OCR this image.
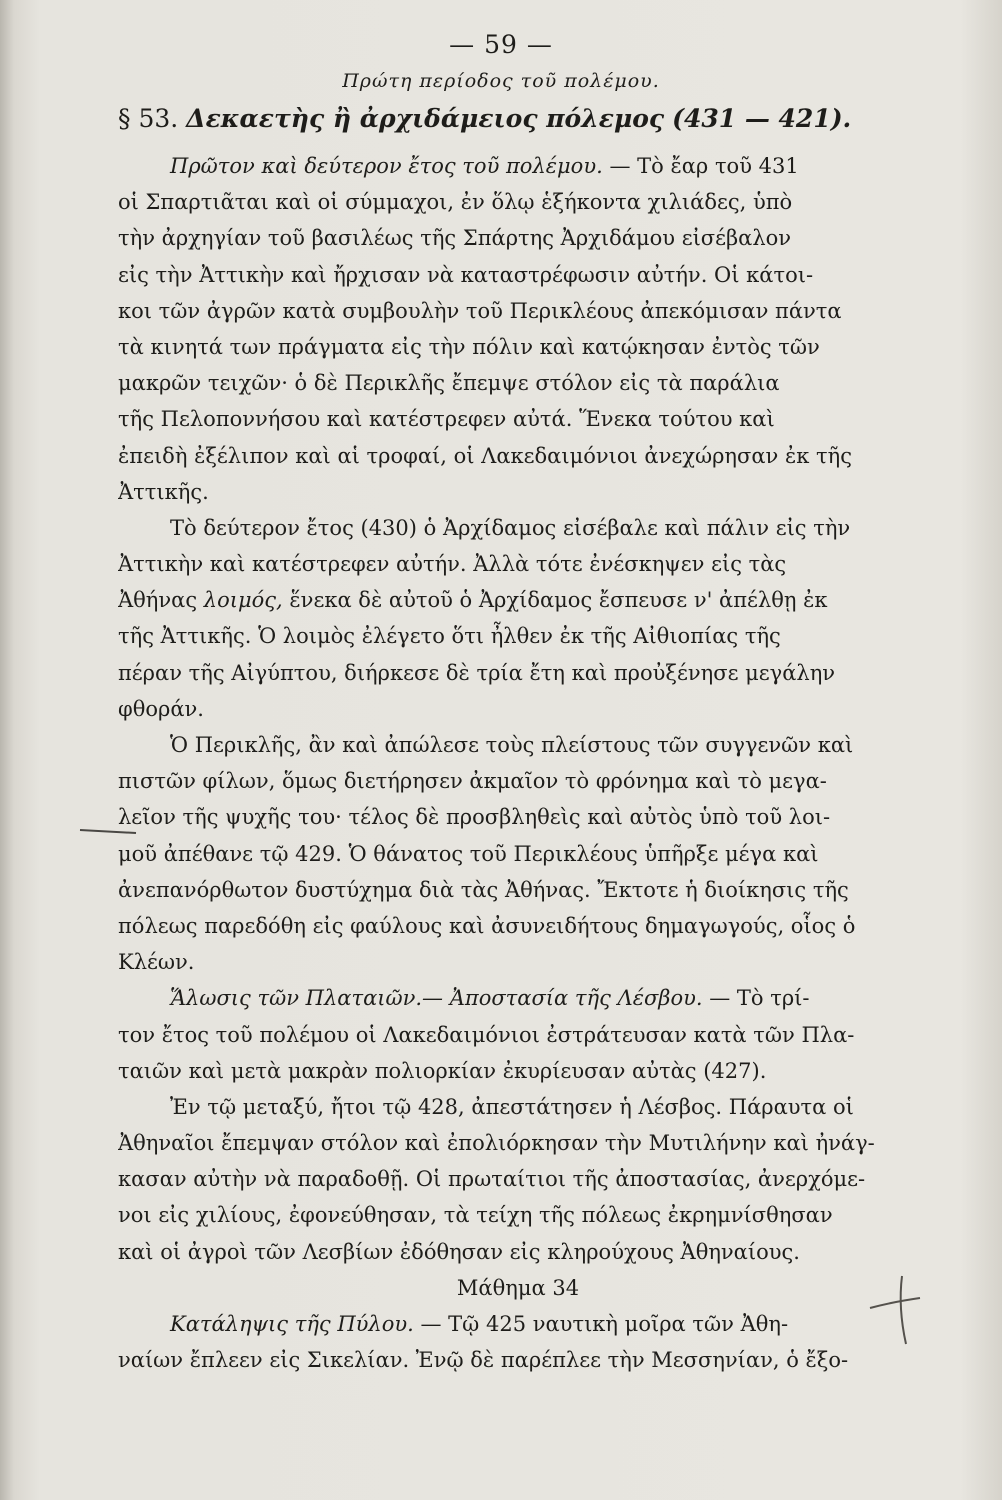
— 59 —
Πρώτη περίοδος τοῦ πολέμου.
§ 53. Δεκαετὴς ἢ ἀρχιδάμειος πόλεμος (431 — 421).
Πρῶτον καὶ δεύτερον ἔτος τοῦ πολέμου. — Τὸ ἔαρ τοῦ 431
οἱ Σπαρτιᾶται καὶ οἱ σύμμαχοι, ἐν ὅλῳ ἑξήκοντα χιλιάδες, ὑπὸ
τὴν ἀρχηγίαν τοῦ βασιλέως τῆς Σπάρτης Ἀρχιδάμου εἰσέβαλον
εἰς τὴν Ἀττικὴν καὶ ἤρχισαν νὰ καταστρέφωσιν αὐτήν. Οἱ κάτοι-
κοι τῶν ἀγρῶν κατὰ συμβουλὴν τοῦ Περικλέους ἀπεκόμισαν πάντα
τὰ κινητά των πράγματα εἰς τὴν πόλιν καὶ κατῴκησαν ἐντὸς τῶν
μακρῶν τειχῶν· ὁ δὲ Περικλῆς ἔπεμψε στόλον εἰς τὰ παράλια
τῆς Πελοποννήσου καὶ κατέστρεφεν αὐτά. Ἕνεκα τούτου καὶ
ἐπειδὴ ἐξέλιπον καὶ αἱ τροφαί, οἱ Λακεδαιμόνιοι ἀνεχώρησαν ἐκ τῆς
Ἀττικῆς.
Τὸ δεύτερον ἔτος (430) ὁ Ἀρχίδαμος εἰσέβαλε καὶ πάλιν εἰς τὴν
Ἀττικὴν καὶ κατέστρεφεν αὐτήν. Ἀλλὰ τότε ἐνέσκηψεν εἰς τὰς
Ἀθήνας λοιμός, ἕνεκα δὲ αὐτοῦ ὁ Ἀρχίδαμος ἔσπευσε ν' ἀπέλθῃ ἐκ
τῆς Ἀττικῆς. Ὁ λοιμὸς ἐλέγετο ὅτι ἦλθεν ἐκ τῆς Αἰθιοπίας τῆς
πέραν τῆς Αἰγύπτου, διήρκεσε δὲ τρία ἔτη καὶ προὐξένησε μεγάλην
φθοράν.
Ὁ Περικλῆς, ἂν καὶ ἀπώλεσε τοὺς πλείστους τῶν συγγενῶν καὶ
πιστῶν φίλων, ὅμως διετήρησεν ἀκμαῖον τὸ φρόνημα καὶ τὸ μεγα-
λεῖον τῆς ψυχῆς του· τέλος δὲ προσβληθεὶς καὶ αὐτὸς ὑπὸ τοῦ λοι-
μοῦ ἀπέθανε τῷ 429. Ὁ θάνατος τοῦ Περικλέους ὑπῆρξε μέγα καὶ
ἀνεπανόρθωτον δυστύχημα διὰ τὰς Ἀθήνας. Ἔκτοτε ἡ διοίκησις τῆς
πόλεως παρεδόθη εἰς φαύλους καὶ ἀσυνειδήτους δημαγωγούς, οἷος ὁ
Κλέων.
Ἅλωσις τῶν Πλαταιῶν.— Ἀποστασία τῆς Λέσβου. — Τὸ τρί-
τον ἔτος τοῦ πολέμου οἱ Λακεδαιμόνιοι ἐστράτευσαν κατὰ τῶν Πλα-
ταιῶν καὶ μετὰ μακρὰν πολιορκίαν ἐκυρίευσαν αὐτὰς (427).
Ἐν τῷ μεταξύ, ἤτοι τῷ 428, ἀπεστάτησεν ἡ Λέσβος. Πάραυτα οἱ
Ἀθηναῖοι ἔπεμψαν στόλον καὶ ἐπολιόρκησαν τὴν Μυτιλήνην καὶ ἠνάγ-
κασαν αὐτὴν νὰ παραδοθῇ. Οἱ πρωταίτιοι τῆς ἀποστασίας, ἀνερχόμε-
νοι εἰς χιλίους, ἐφονεύθησαν, τὰ τείχη τῆς πόλεως ἐκρημνίσθησαν
καὶ οἱ ἀγροὶ τῶν Λεσβίων ἐδόθησαν εἰς κληρούχους Ἀθηναίους.
Μάθημα 34
Κατάληψις τῆς Πύλου. — Τῷ 425 ναυτικὴ μοῖρα τῶν Ἀθη-
ναίων ἔπλεεν εἰς Σικελίαν. Ἐνῷ δὲ παρέπλεε τὴν Μεσσηνίαν, ὁ ἔξο-
